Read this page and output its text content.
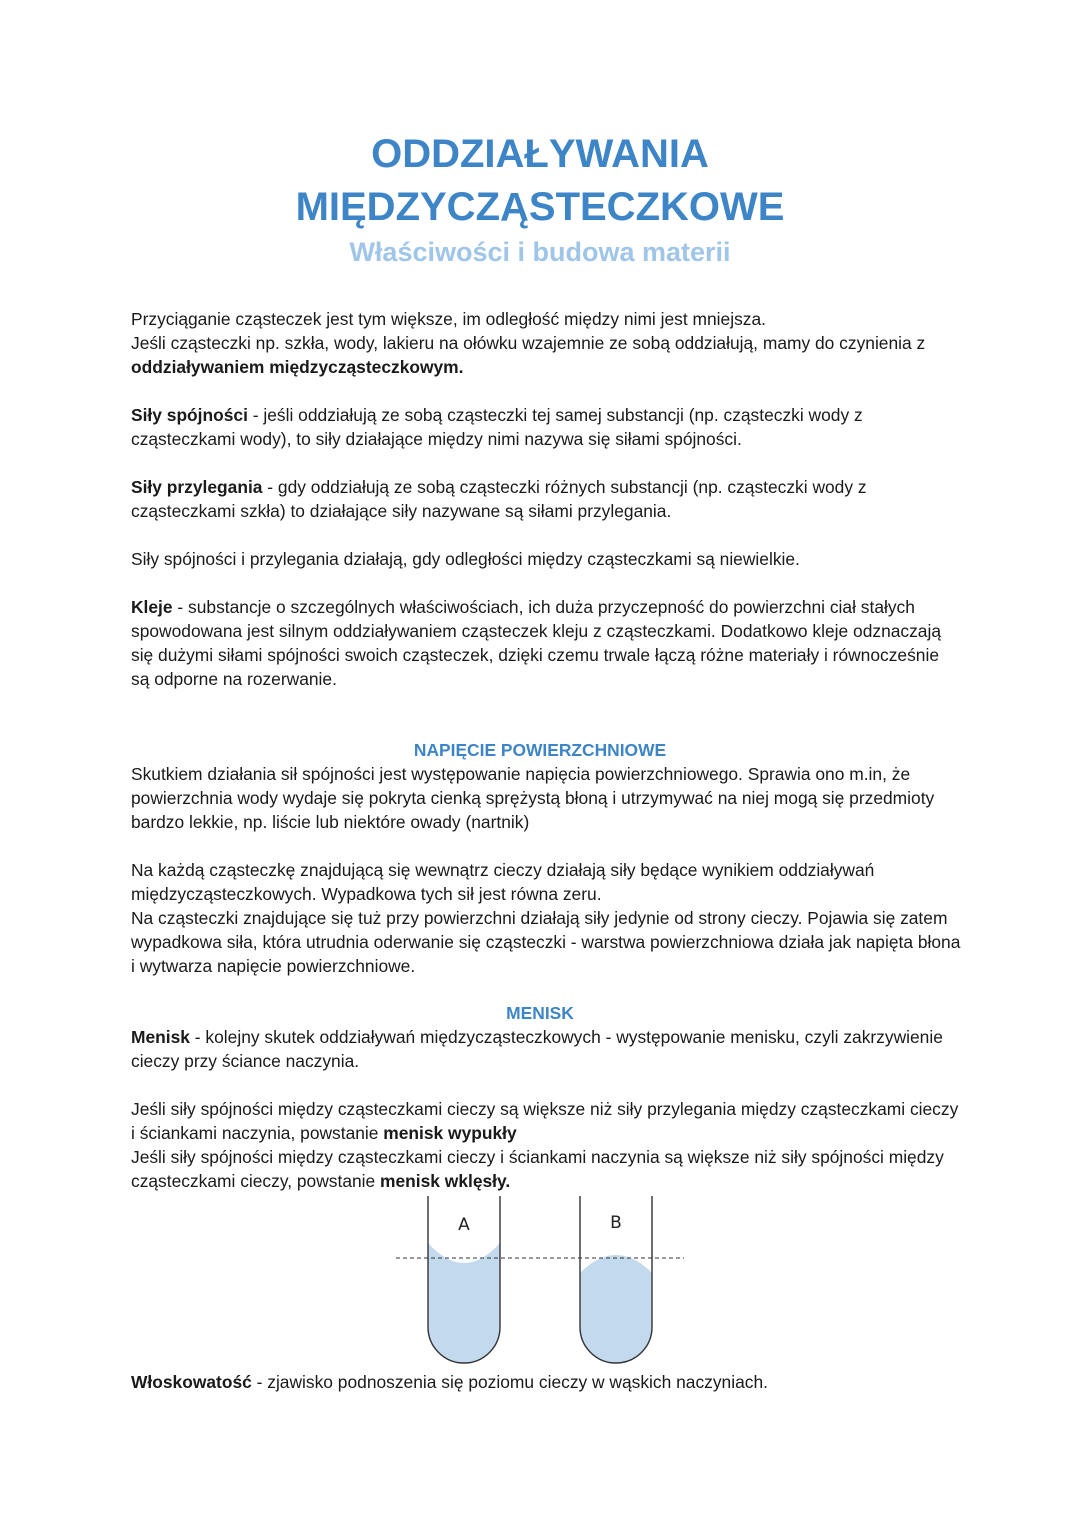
ODDZIAŁYWANIA
MIĘDZYCZĄSTECZKOWE
Właściwości i budowa materii

Przyciąganie cząsteczek jest tym większe, im odległość między nimi jest mniejsza.

Jeśli cząsteczki np. szkła, wody, lakieru na ołówku wzajemnie ze sobą oddziałują, mamy do czynienia z oddziaływaniem międzycząsteczkowym.

Siły spójności - jeśli oddziałują ze sobą cząsteczki tej samej substancji (np. cząsteczki wody z cząsteczkami wody), to siły działające między nimi nazywa się siłami spójności.

Siły przylegania - gdy oddziałują ze sobą cząsteczki różnych substancji (np. cząsteczki wody z cząsteczkami szkła) to działające siły nazywane są siłami przylegania.

Siły spójności i przylegania działają, gdy odległości między cząsteczkami są niewielkie.

Kleje - substancje o szczególnych właściwościach, ich duża przyczepność do powierzchni ciał stałych spowodowana jest silnym oddziaływaniem cząsteczek kleju z cząsteczkami. Dodatkowo kleje odznaczają się dużymi siłami spójności swoich cząsteczek, dzięki czemu trwale łączą różne materiały i równocześnie są odporne na rozerwanie.

NAPIĘCIE POWIERZCHNIOWE

Skutkiem działania sił spójności jest występowanie napięcia powierzchniowego. Sprawia ono m.in, że powierzchnia wody wydaje się pokryta cienką sprężystą błoną i utrzymywać na niej mogą się przedmioty bardzo lekkie, np. liście lub niektóre owady (nartnik)

Na każdą cząsteczkę znajdującą się wewnątrz cieczy działają siły będące wynikiem oddziaływań międzycząsteczkowych. Wypadkowa tych sił jest równa zeru.

Na cząsteczki znajdujące się tuż przy powierzchni działają siły jedynie od strony cieczy. Pojawia się zatem wypadkowa siła, która utrudnia oderwanie się cząsteczki - warstwa powierzchniowa działa jak napięta błona i wytwarza napięcie powierzchniowe.

MENISK

Menisk - kolejny skutek oddziaływań międzycząsteczkowych - występowanie menisku, czyli zakrzywienie cieczy przy ściance naczynia.

Jeśli siły spójności między cząsteczkami cieczy są większe niż siły przylegania między cząsteczkami cieczy i ściankami naczynia, powstanie menisk wypukły

Jeśli siły spójności między cząsteczkami cieczy i ściankami naczynia są większe niż siły spójności między cząsteczkami cieczy, powstanie menisk wklęsły.

A	B

Włoskowatość - zjawisko podnoszenia się poziomu cieczy w wąskich naczyniach.
